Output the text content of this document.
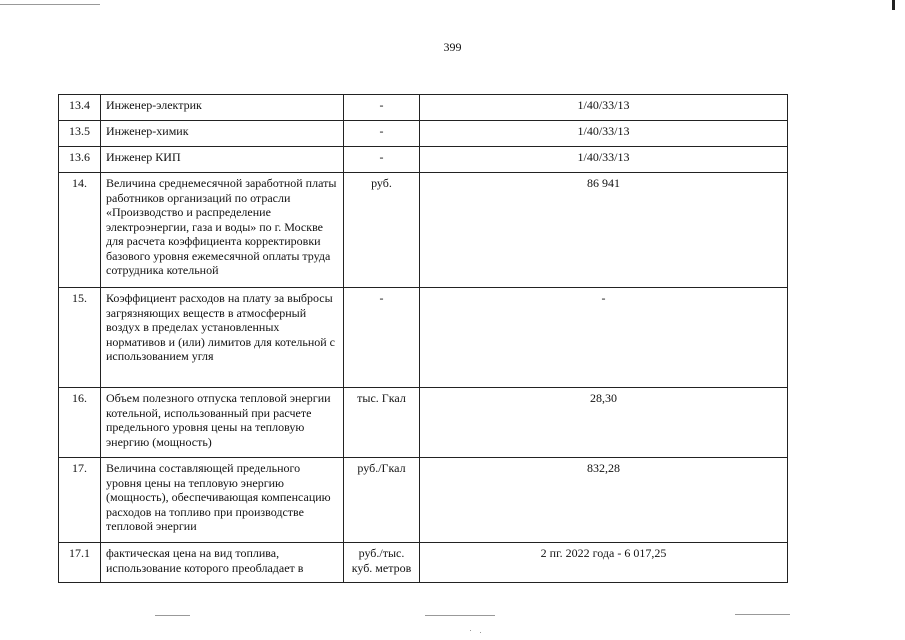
399
13.4	Инженер-электрик	-	1/40/33/13
13.5	Инженер-химик	-	1/40/33/13
13.6	Инженер КИП	-	1/40/33/13
14.	Величина среднемесячной заработной платы работников организаций по отрасли «Производство и распределение электроэнергии, газа и воды» по г. Москве для расчета коэффициента корректировки базового уровня ежемесячной оплаты труда сотрудника котельной	руб.	86 941
15.	Коэффициент расходов на плату за выбросы загрязняющих веществ в атмосферный воздух в пределах установленных нормативов и (или) лимитов для котельной с использованием угля	-	-
16.	Объем полезного отпуска тепловой энергии котельной, использованный при расчете предельного уровня цены на тепловую энергию (мощность)	тыс. Гкал	28,30
17.	Величина составляющей предельного уровня цены на тепловую энергию (мощность), обеспечивающая компенсацию расходов на топливо при производстве тепловой энергии	руб./Гкал	832,28
17.1	фактическая цена на вид топлива, использование которого преобладает в	руб./тыс. куб. метров	2 пг. 2022 года - 6 017,25
